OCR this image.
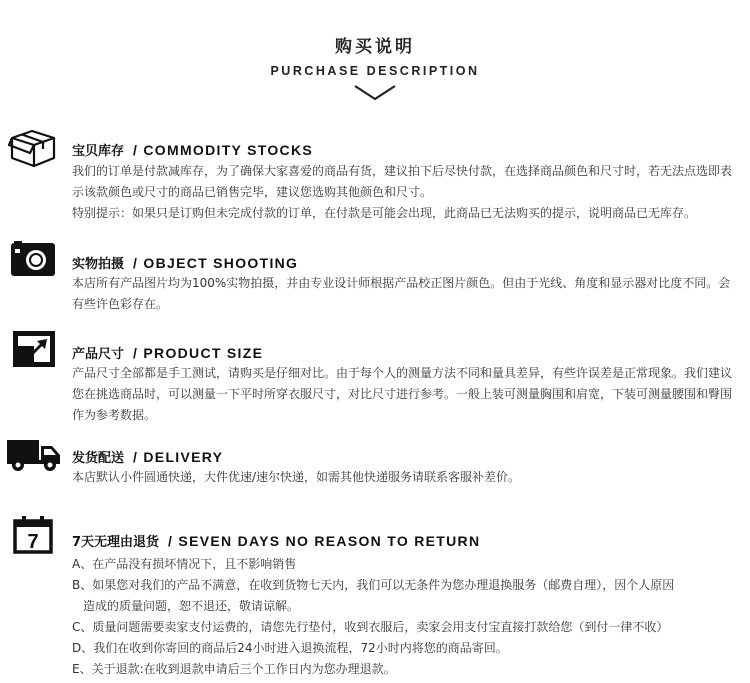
购买说明
PURCHASE DESCRIPTION
宝贝库存 / COMMODITY STOCKS

我们的订单是付款减库存，为了确保大家喜爱的商品有货，建议拍下后尽快付款，在选择商品颜色和尺寸时，若无法点选即表示该款颜色或尺寸的商品已销售完毕，建议您选购其他颜色和尺寸。

特别提示：如果只是订购但未完成付款的订单，在付款是可能会出现，此商品已无法购买的提示，说明商品已无库存。

实物拍摄 / OBJECT SHOOTING

本店所有产品图片均为100%实物拍摄，并由专业设计师根据产品校正图片颜色。但由于光线、角度和显示器对比度不同。会有些许色彩存在。

产品尺寸 / PRODUCT SIZE

产品尺寸全部都是手工测试，请购买是仔细对比。由于每个人的测量方法不同和量具差异，有些许误差是正常现象。我们建议您在挑选商品时，可以测量一下平时所穿衣服尺寸，对比尺寸进行参考。一般上装可测量胸围和肩宽，下装可测量腰围和臀围作为参考数据。

发货配送 / DELIVERY

本店默认小件圆通快递，大件优速/速尔快递，如需其他快递服务请联系客服补差价。

7	7天无理由退货 / SEVEN DAYS NO REASON TO RETURN

A、在产品没有损坏情况下，且不影响销售

B、如果您对我们的产品不满意，在收到货物七天内，我们可以无条件为您办理退换服务（邮费自理），因个人原因

造成的质量问题，恕不退还，敬请谅解。

C、质量问题需要卖家支付运费的，请您先行垫付，收到衣服后，卖家会用支付宝直接打款给您（到付一律不收）

D、我们在收到你寄回的商品后24小时进入退换流程，72小时内将您的商品寄回。

E、关于退款:在收到退款申请后三个工作日内为您办理退款。
